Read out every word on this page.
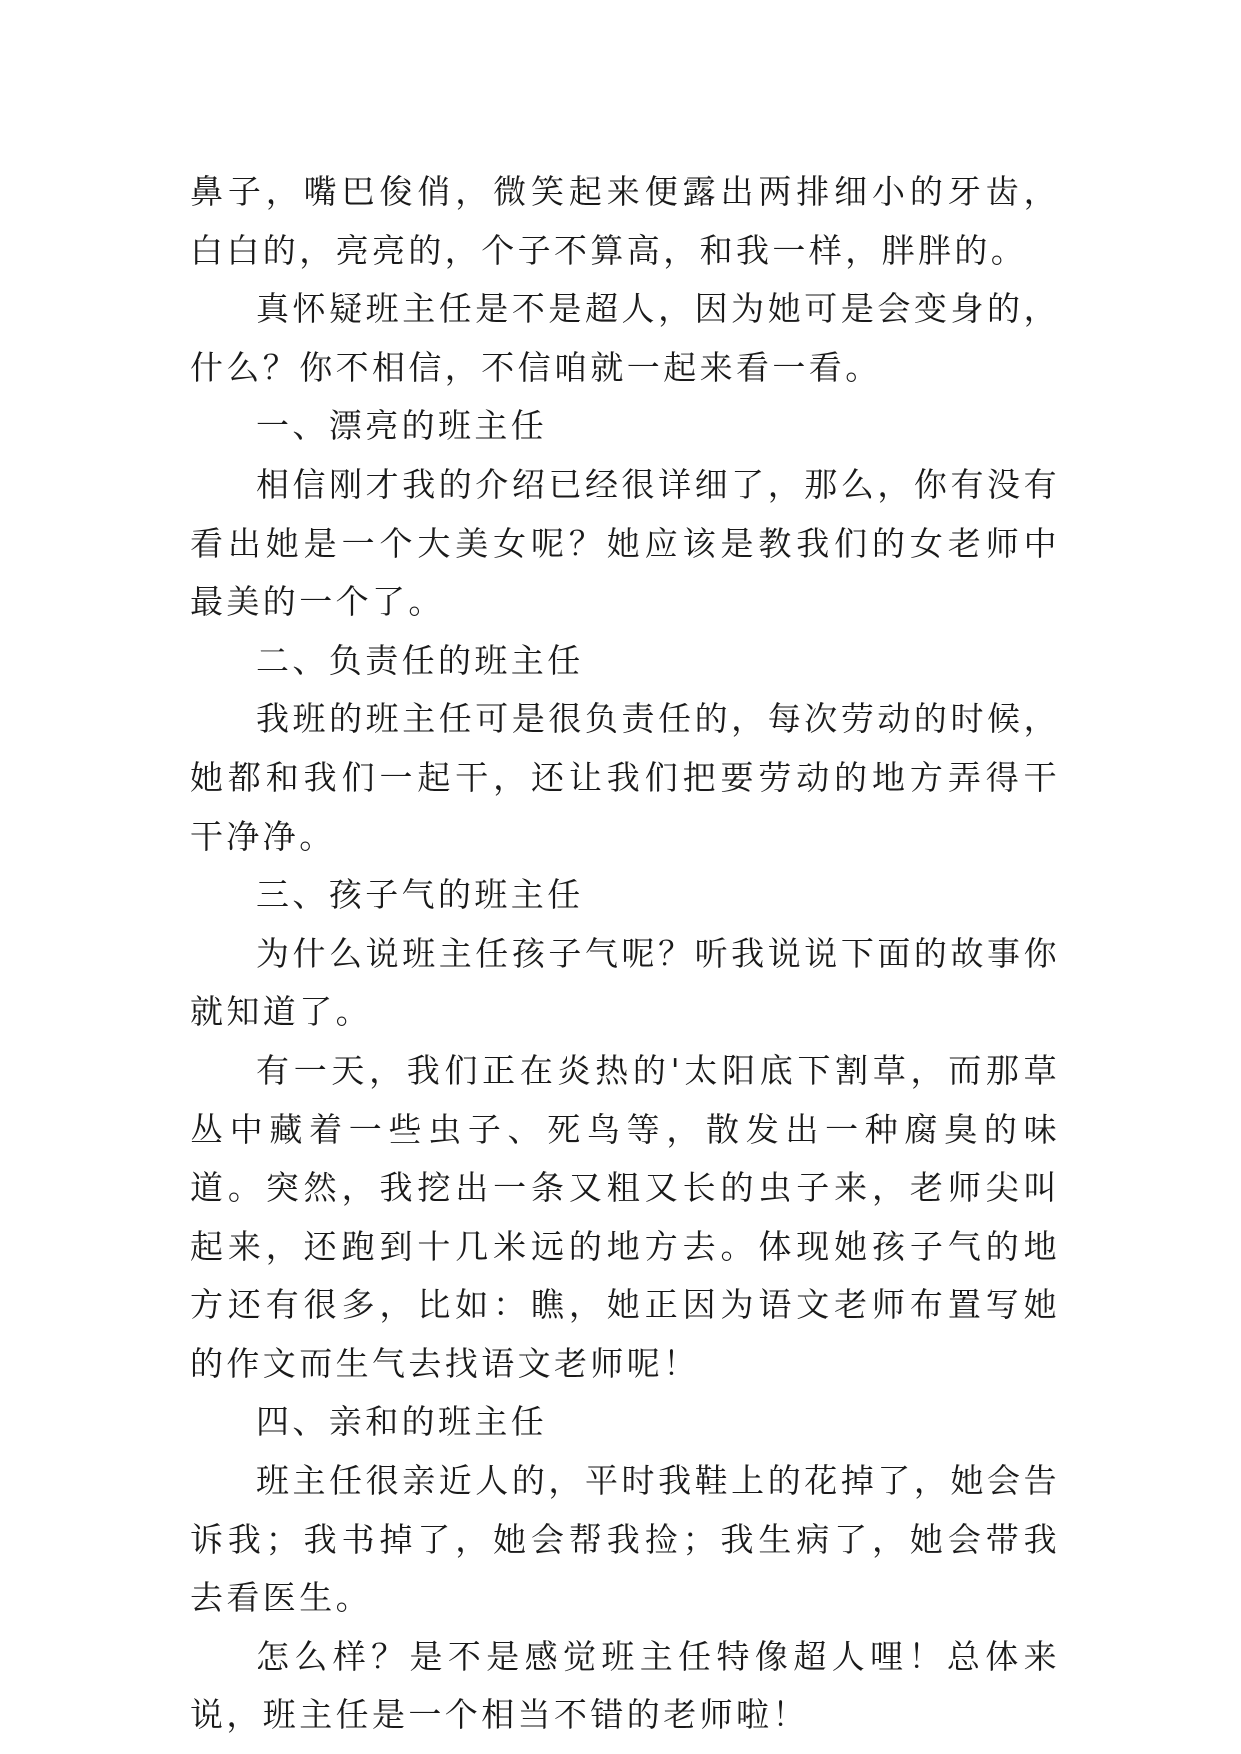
鼻子，嘴巴俊俏，微笑起来便露出两排细小的牙齿，白白的，亮亮的，个子不算高，和我一样，胖胖的。

真怀疑班主任是不是超人，因为她可是会变身的，什么？你不相信，不信咱就一起来看一看。

一、漂亮的班主任

相信刚才我的介绍已经很详细了，那么，你有没有看出她是一个大美女呢？她应该是教我们的女老师中最美的一个了。

二、负责任的班主任

我班的班主任可是很负责任的，每次劳动的时候，她都和我们一起干，还让我们把要劳动的地方弄得干干净净。

三、孩子气的班主任

为什么说班主任孩子气呢？听我说说下面的故事你就知道了。

有一天，我们正在炎热的'太阳底下割草，而那草丛中藏着一些虫子、死鸟等，散发出一种腐臭的味道。突然，我挖出一条又粗又长的虫子来，老师尖叫起来，还跑到十几米远的地方去。体现她孩子气的地方还有很多，比如：瞧，她正因为语文老师布置写她的作文而生气去找语文老师呢！

四、亲和的班主任

班主任很亲近人的，平时我鞋上的花掉了，她会告诉我；我书掉了，她会帮我捡；我生病了，她会带我去看医生。

怎么样？是不是感觉班主任特像超人哩！总体来说，班主任是一个相当不错的老师啦！
